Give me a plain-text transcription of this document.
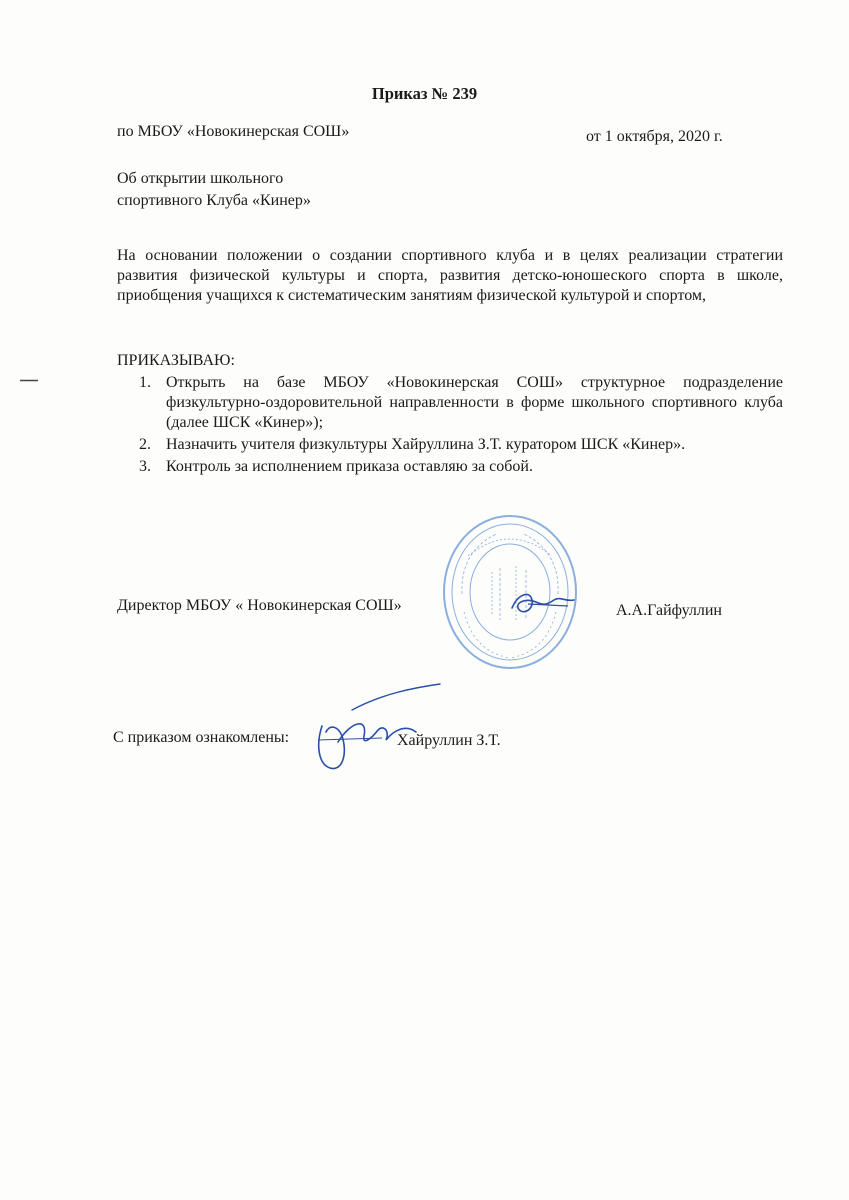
Приказ № 239

по МБОУ «Новокинерская СОШ»	от 1 октября, 2020 г.

Об открытии школьного
спортивного Клуба «Кинер»

На основании положении о создании спортивного клуба и в целях реализации стратегии развития физической культуры и спорта, развития детско-юношеского спорта в школе, приобщения учащихся к систематическим занятиям физической культурой и спортом,

ПРИКАЗЫВАЮ:

1. Открыть на базе МБОУ «Новокинерская СОШ» структурное подразделение физкультурно-оздоровительной направленности в форме школьного спортивного клуба (далее ШСК «Кинер»);
2. Назначить учителя физкультуры Хайруллина З.Т. куратором ШСК «Кинер».
3. Контроль за исполнением приказа оставляю за собой.

Директор МБОУ « Новокинерская СОШ»	А.А.Гайфуллин

С приказом ознакомлены:	Хайруллин З.Т.
